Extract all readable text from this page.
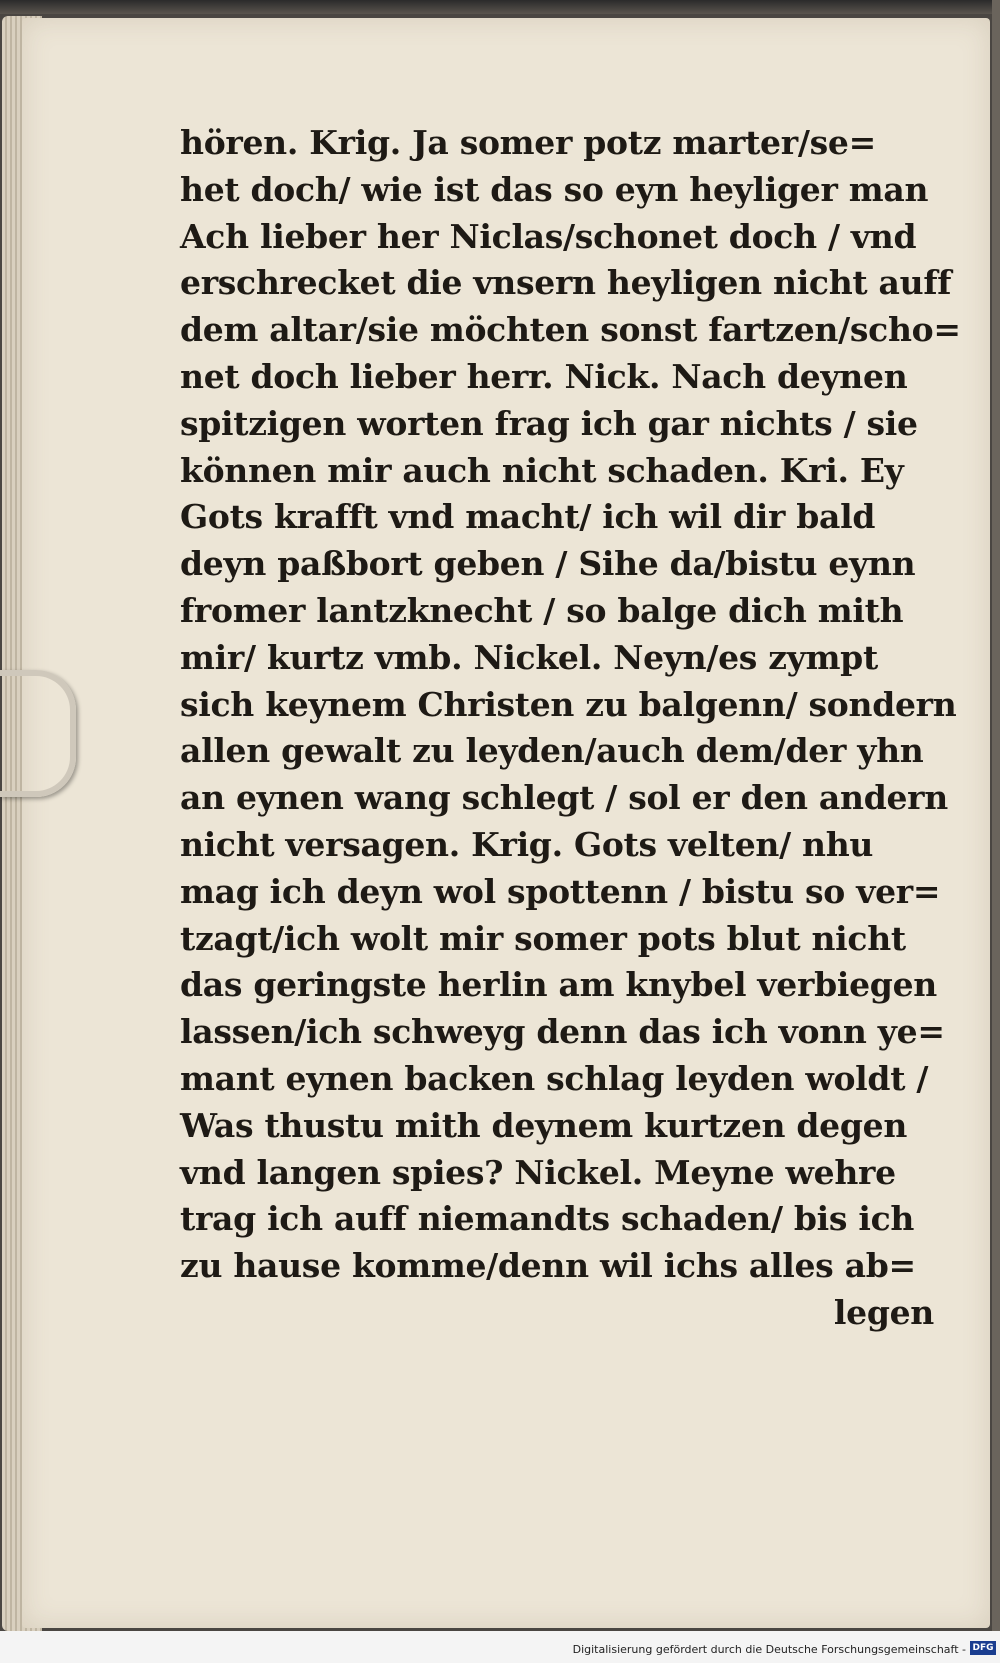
hören. Krig. Ja somer potz marter/se=
het doch/ wie ist das so eyn heyliger man
Ach lieber her Niclas/schonet doch / vnd
erschrecket die vnsern heyligen nicht auff
dem altar/sie möchten sonst fartzen/scho=
net doch lieber herr. Nick. Nach deynen
spitzigen worten frag ich gar nichts / sie
können mir auch nicht schaden. Kri. Ey
Gots krafft vnd macht/ ich wil dir bald
deyn paßbort geben / Sihe da/bistu eynn
fromer lantzknecht / so balge dich mith
mir/ kurtz vmb. Nickel. Neyn/es zympt
sich keynem Christen zu balgenn/ sondern
allen gewalt zu leyden/auch dem/der yhn
an eynen wang schlegt / sol er den andern
nicht versagen. Krig. Gots velten/ nhu
mag ich deyn wol spottenn / bistu so ver=
tzagt/ich wolt mir somer pots blut nicht
das geringste herlin am knybel verbiegen
lassen/ich schweyg denn das ich vonn ye=
mant eynen backen schlag leyden woldt /
Was thustu mith deynem kurtzen degen
vnd langen spies? Nickel. Meyne wehre
trag ich auff niemandts schaden/ bis ich
zu hause komme/denn wil ichs alles ab=
legen
Digitalisierung gefördert durch die Deutsche Forschungsgemeinschaft - DFG
